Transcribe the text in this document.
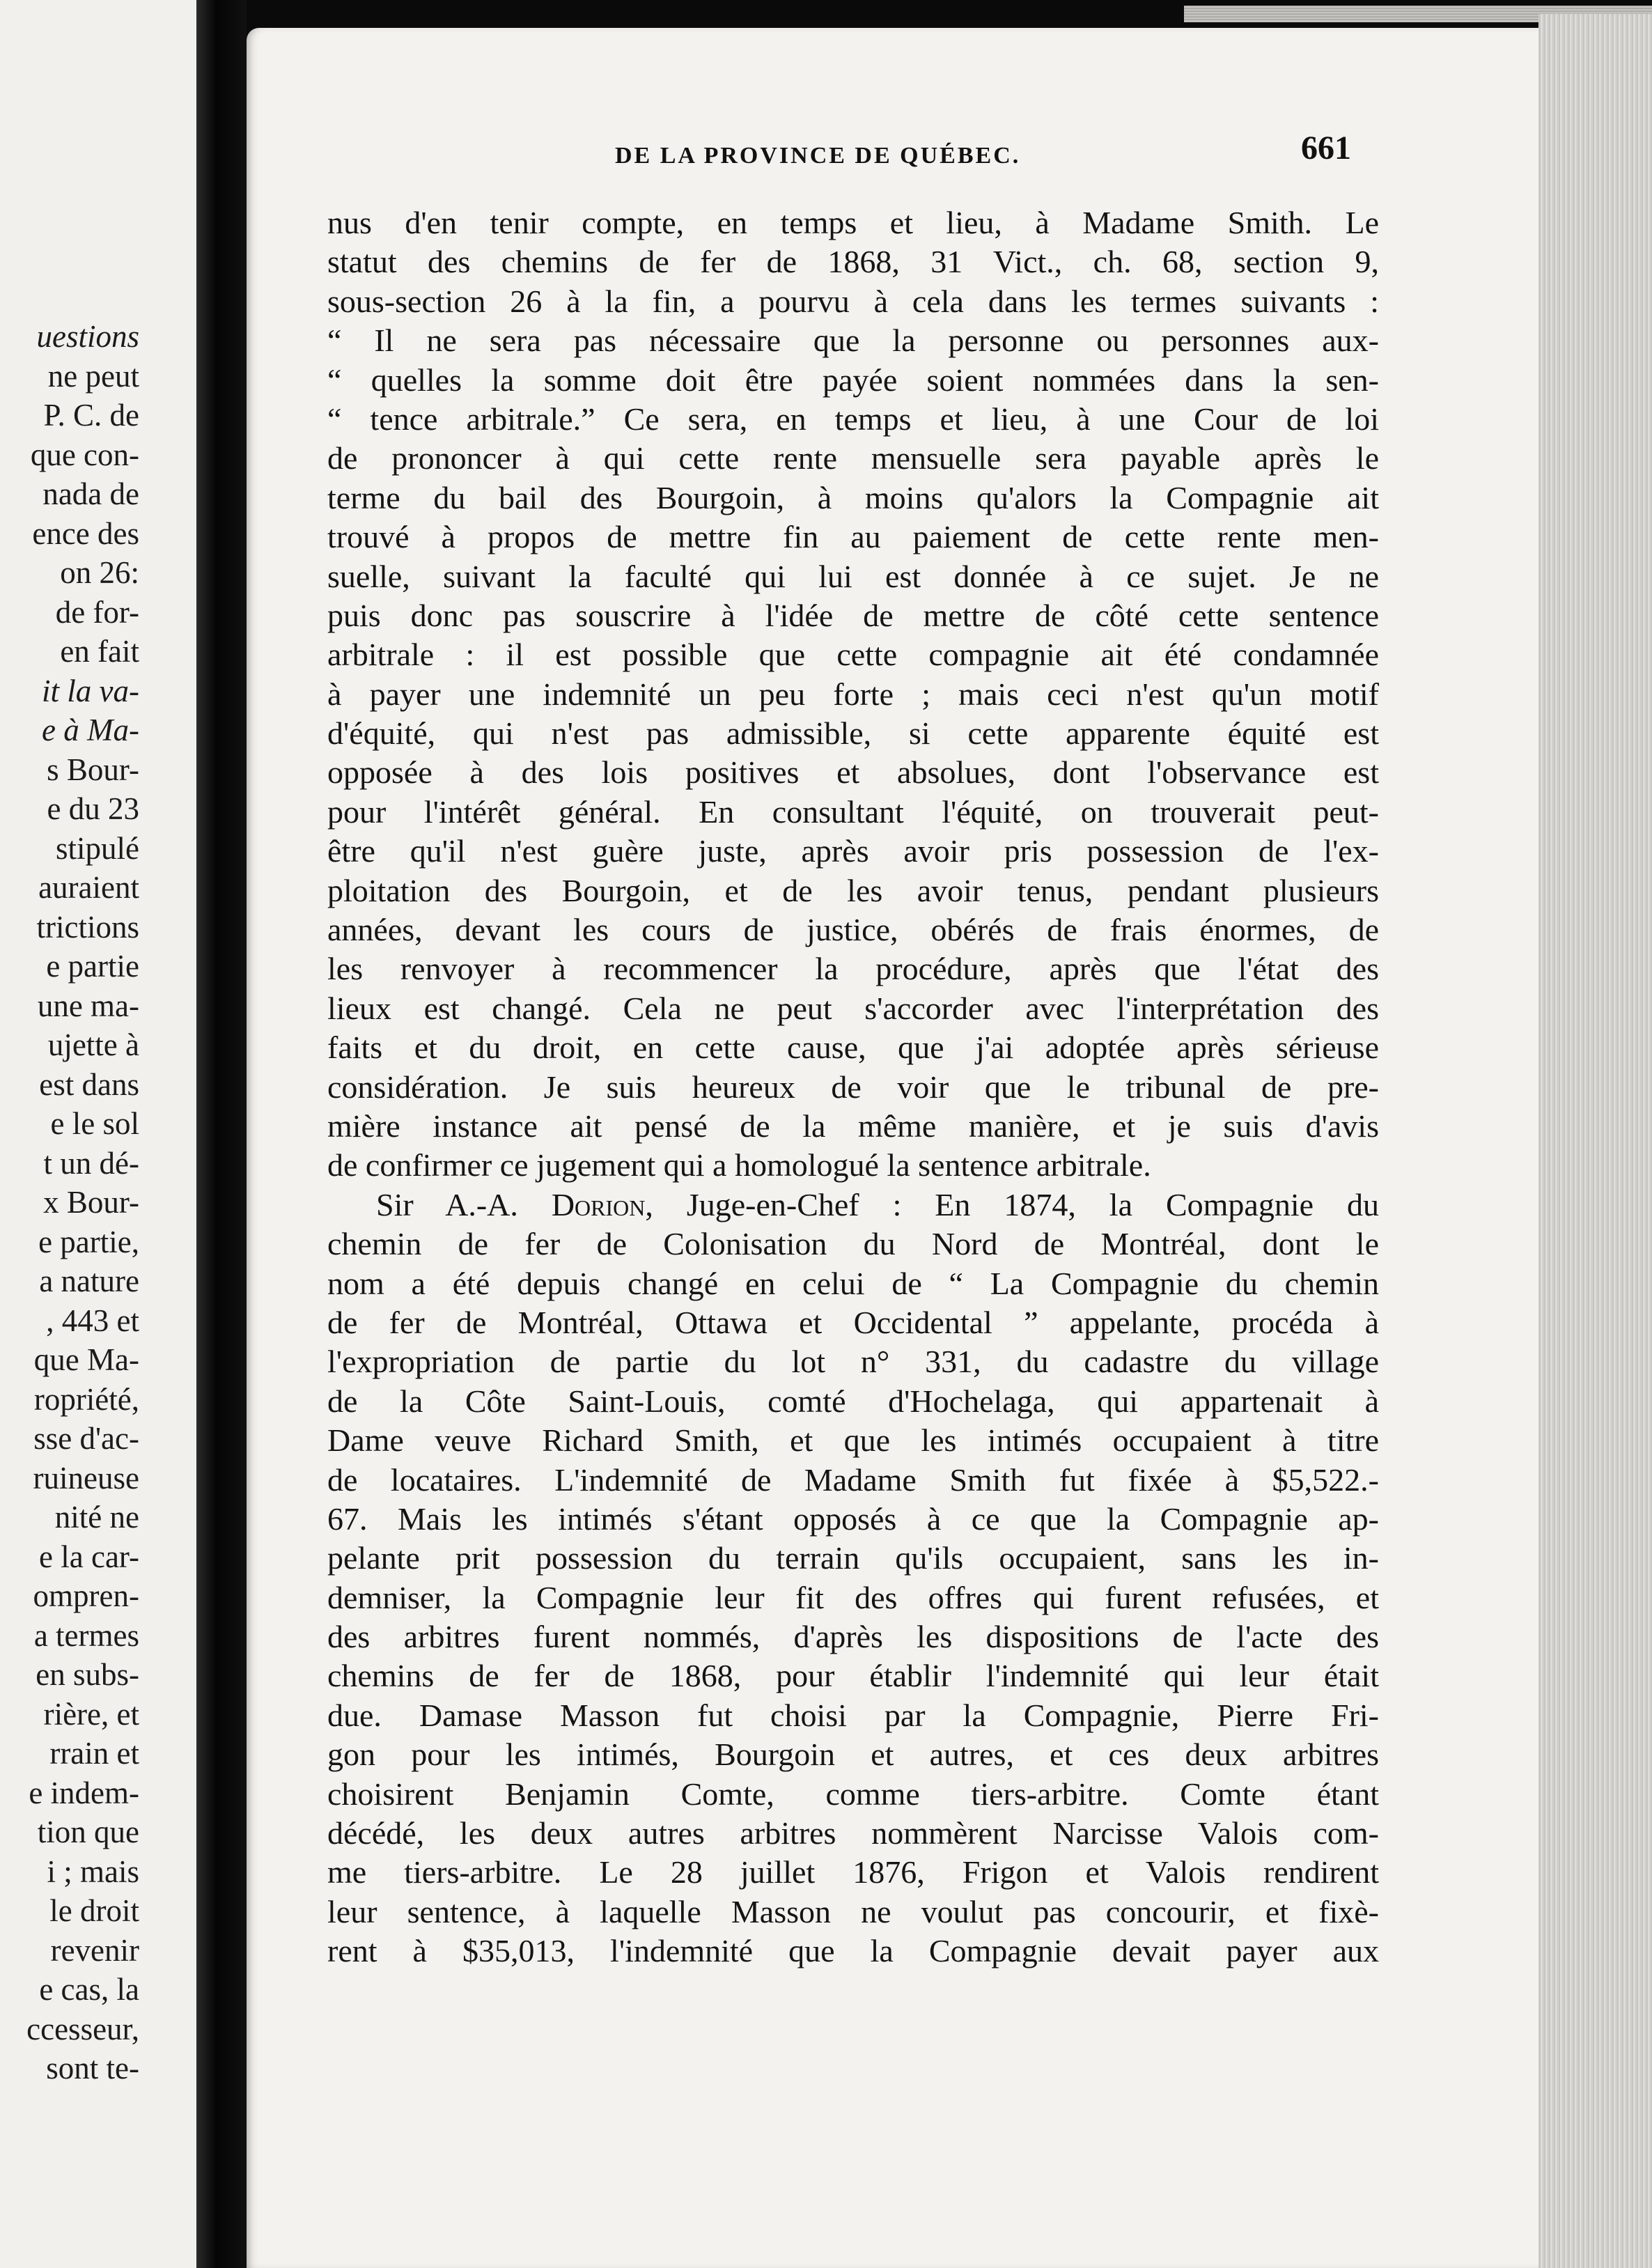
uestions
ne peut
P. C. de
que con-
nada de
ence des
on 26:
de for-
en fait
it la va-
e à Ma-
s Bour-
e du 23
stipulé
auraient
trictions
e partie
une ma-
ujette à
est dans
e le sol
t un dé-
x Bour-
e partie,
a nature
, 443 et
que Ma-
ropriété,
sse d'ac-
ruineuse
nité ne
e la car-
ompren-
a termes
en subs-
rière, et
rrain et
e indem-
tion que
i ; mais
le droit
revenir
e cas, la
ccesseur,
sont te-
DE LA PROVINCE DE QUÉBEC.	661
nus d'en tenir compte, en temps et lieu, à Madame Smith. Le
statut des chemins de fer de 1868, 31 Vict., ch. 68, section 9,
sous-section 26 à la fin, a pourvu à cela dans les termes suivants :
“ Il ne sera pas nécessaire que la personne ou personnes aux-
“ quelles la somme doit être payée soient nommées dans la sen-
“ tence arbitrale.” Ce sera, en temps et lieu, à une Cour de loi
de prononcer à qui cette rente mensuelle sera payable après le
terme du bail des Bourgoin, à moins qu'alors la Compagnie ait
trouvé à propos de mettre fin au paiement de cette rente men-
suelle, suivant la faculté qui lui est donnée à ce sujet. Je ne
puis donc pas souscrire à l'idée de mettre de côté cette sentence
arbitrale : il est possible que cette compagnie ait été condamnée
à payer une indemnité un peu forte ; mais ceci n'est qu'un motif
d'équité, qui n'est pas admissible, si cette apparente équité est
opposée à des lois positives et absolues, dont l'observance est
pour l'intérêt général. En consultant l'équité, on trouverait peut-
être qu'il n'est guère juste, après avoir pris possession de l'ex-
ploitation des Bourgoin, et de les avoir tenus, pendant plusieurs
années, devant les cours de justice, obérés de frais énormes, de
les renvoyer à recommencer la procédure, après que l'état des
lieux est changé. Cela ne peut s'accorder avec l'interprétation des
faits et du droit, en cette cause, que j'ai adoptée après sérieuse
considération. Je suis heureux de voir que le tribunal de pre-
mière instance ait pensé de la même manière, et je suis d'avis
de confirmer ce jugement qui a homologué la sentence arbitrale.
Sir A.-A. Dorion, Juge-en-Chef : En 1874, la Compagnie du
chemin de fer de Colonisation du Nord de Montréal, dont le
nom a été depuis changé en celui de “ La Compagnie du chemin
de fer de Montréal, Ottawa et Occidental ” appelante, procéda à
l'expropriation de partie du lot n° 331, du cadastre du village
de la Côte Saint-Louis, comté d'Hochelaga, qui appartenait à
Dame veuve Richard Smith, et que les intimés occupaient à titre
de locataires. L'indemnité de Madame Smith fut fixée à $5,522.-
67. Mais les intimés s'étant opposés à ce que la Compagnie ap-
pelante prit possession du terrain qu'ils occupaient, sans les in-
demniser, la Compagnie leur fit des offres qui furent refusées, et
des arbitres furent nommés, d'après les dispositions de l'acte des
chemins de fer de 1868, pour établir l'indemnité qui leur était
due. Damase Masson fut choisi par la Compagnie, Pierre Fri-
gon pour les intimés, Bourgoin et autres, et ces deux arbitres
choisirent Benjamin Comte, comme tiers-arbitre. Comte étant
décédé, les deux autres arbitres nommèrent Narcisse Valois com-
me tiers-arbitre. Le 28 juillet 1876, Frigon et Valois rendirent
leur sentence, à laquelle Masson ne voulut pas concourir, et fixè-
rent à $35,013, l'indemnité que la Compagnie devait payer aux
